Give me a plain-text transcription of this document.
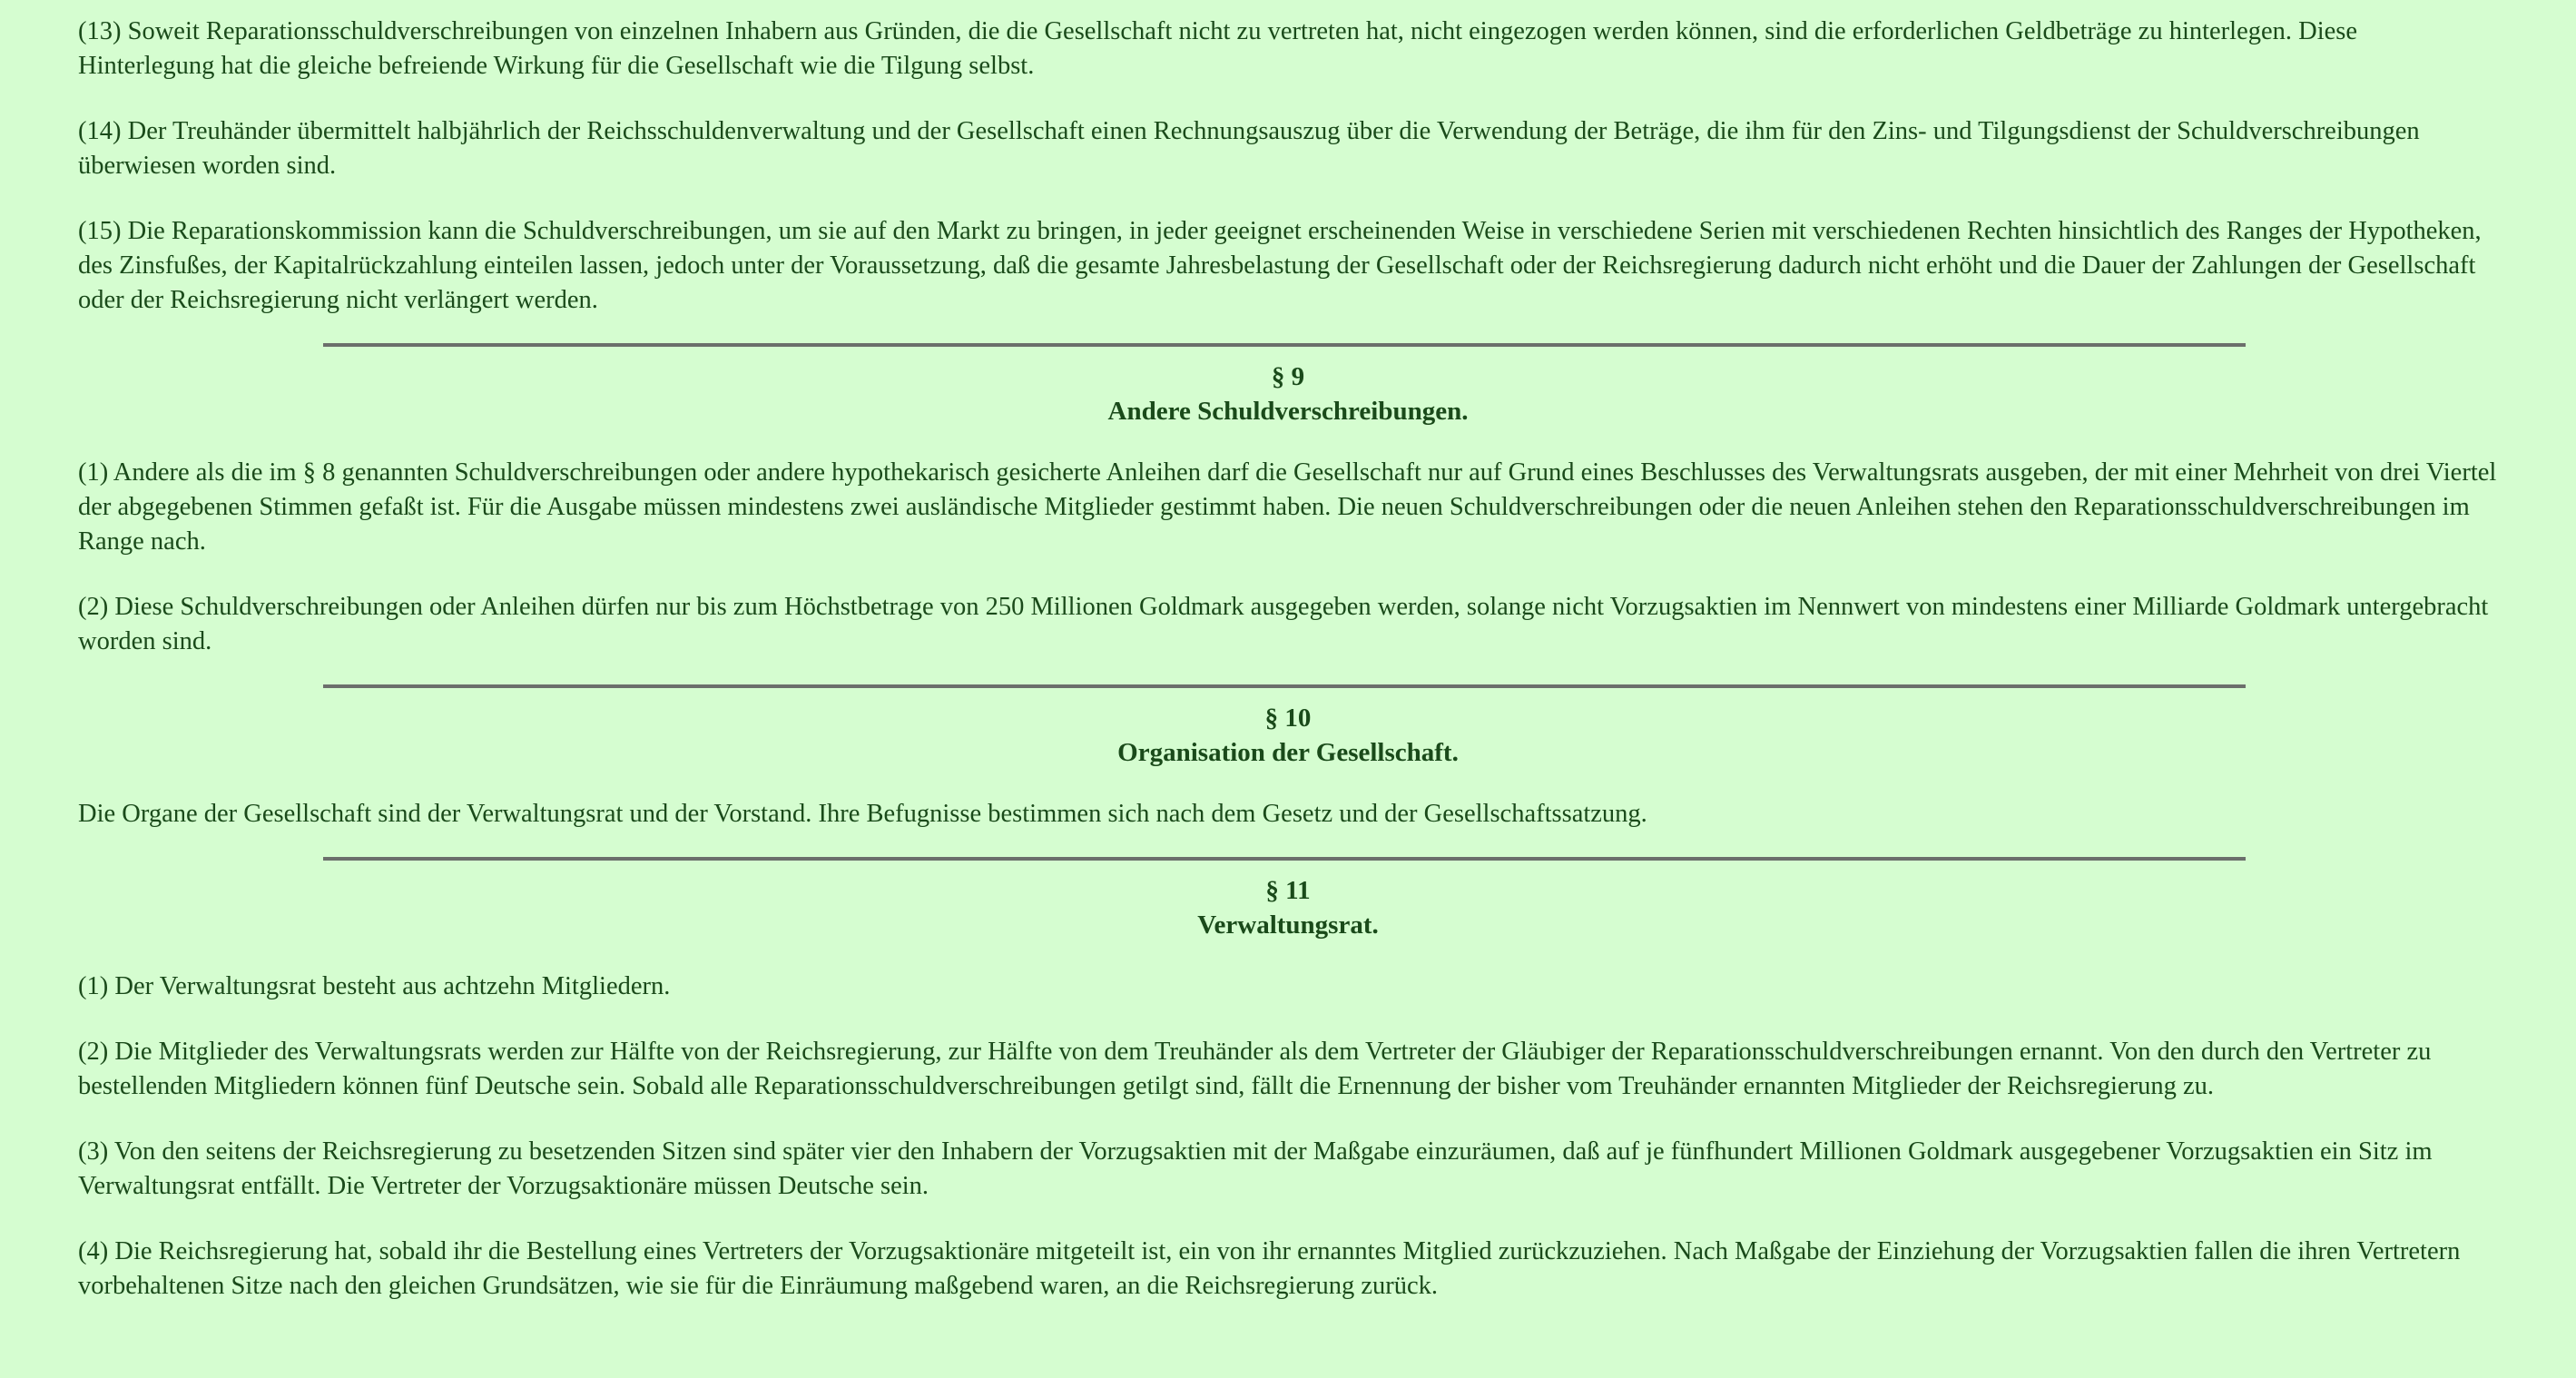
(13) Soweit Reparationsschuldverschreibungen von einzelnen Inhabern aus Gründen, die die Gesellschaft nicht zu vertreten hat, nicht eingezogen werden können, sind die erforderlichen Geldbeträge zu hinterlegen. Diese Hinterlegung hat die gleiche befreiende Wirkung für die Gesellschaft wie die Tilgung selbst.

(14) Der Treuhänder übermittelt halbjährlich der Reichsschuldenverwaltung und der Gesellschaft einen Rechnungsauszug über die Verwendung der Beträge, die ihm für den Zins- und Tilgungsdienst der Schuldverschreibungen überwiesen worden sind.

(15) Die Reparationskommission kann die Schuldverschreibungen, um sie auf den Markt zu bringen, in jeder geeignet erscheinenden Weise in verschiedene Serien mit verschiedenen Rechten hinsichtlich des Ranges der Hypotheken, des Zinsfußes, der Kapitalrückzahlung einteilen lassen, jedoch unter der Voraussetzung, daß die gesamte Jahresbelastung der Gesellschaft oder der Reichsregierung dadurch nicht erhöht und die Dauer der Zahlungen der Gesellschaft oder der Reichsregierung nicht verlängert werden.

§ 9
Andere Schuldverschreibungen.

(1) Andere als die im § 8 genannten Schuldverschreibungen oder andere hypothekarisch gesicherte Anleihen darf die Gesellschaft nur auf Grund eines Beschlusses des Verwaltungsrats ausgeben, der mit einer Mehrheit von drei Viertel der abgegebenen Stimmen gefaßt ist. Für die Ausgabe müssen mindestens zwei ausländische Mitglieder gestimmt haben. Die neuen Schuldverschreibungen oder die neuen Anleihen stehen den Reparationsschuldverschreibungen im Range nach.

(2) Diese Schuldverschreibungen oder Anleihen dürfen nur bis zum Höchstbetrage von 250 Millionen Goldmark ausgegeben werden, solange nicht Vorzugsaktien im Nennwert von mindestens einer Milliarde Goldmark untergebracht worden sind.

§ 10
Organisation der Gesellschaft.

Die Organe der Gesellschaft sind der Verwaltungsrat und der Vorstand. Ihre Befugnisse bestimmen sich nach dem Gesetz und der Gesellschaftssatzung.

§ 11
Verwaltungsrat.

(1) Der Verwaltungsrat besteht aus achtzehn Mitgliedern.

(2) Die Mitglieder des Verwaltungsrats werden zur Hälfte von der Reichsregierung, zur Hälfte von dem Treuhänder als dem Vertreter der Gläubiger der Reparationsschuldverschreibungen ernannt. Von den durch den Vertreter zu bestellenden Mitgliedern können fünf Deutsche sein. Sobald alle Reparationsschuldverschreibungen getilgt sind, fällt die Ernennung der bisher vom Treuhänder ernannten Mitglieder der Reichsregierung zu.

(3) Von den seitens der Reichsregierung zu besetzenden Sitzen sind später vier den Inhabern der Vorzugsaktien mit der Maßgabe einzuräumen, daß auf je fünfhundert Millionen Goldmark ausgegebener Vorzugsaktien ein Sitz im Verwaltungsrat entfällt. Die Vertreter der Vorzugsaktionäre müssen Deutsche sein.

(4) Die Reichsregierung hat, sobald ihr die Bestellung eines Vertreters der Vorzugsaktionäre mitgeteilt ist, ein von ihr ernanntes Mitglied zurückzuziehen. Nach Maßgabe der Einziehung der Vorzugsaktien fallen die ihren Vertretern vorbehaltenen Sitze nach den gleichen Grundsätzen, wie sie für die Einräumung maßgebend waren, an die Reichsregierung zurück.
